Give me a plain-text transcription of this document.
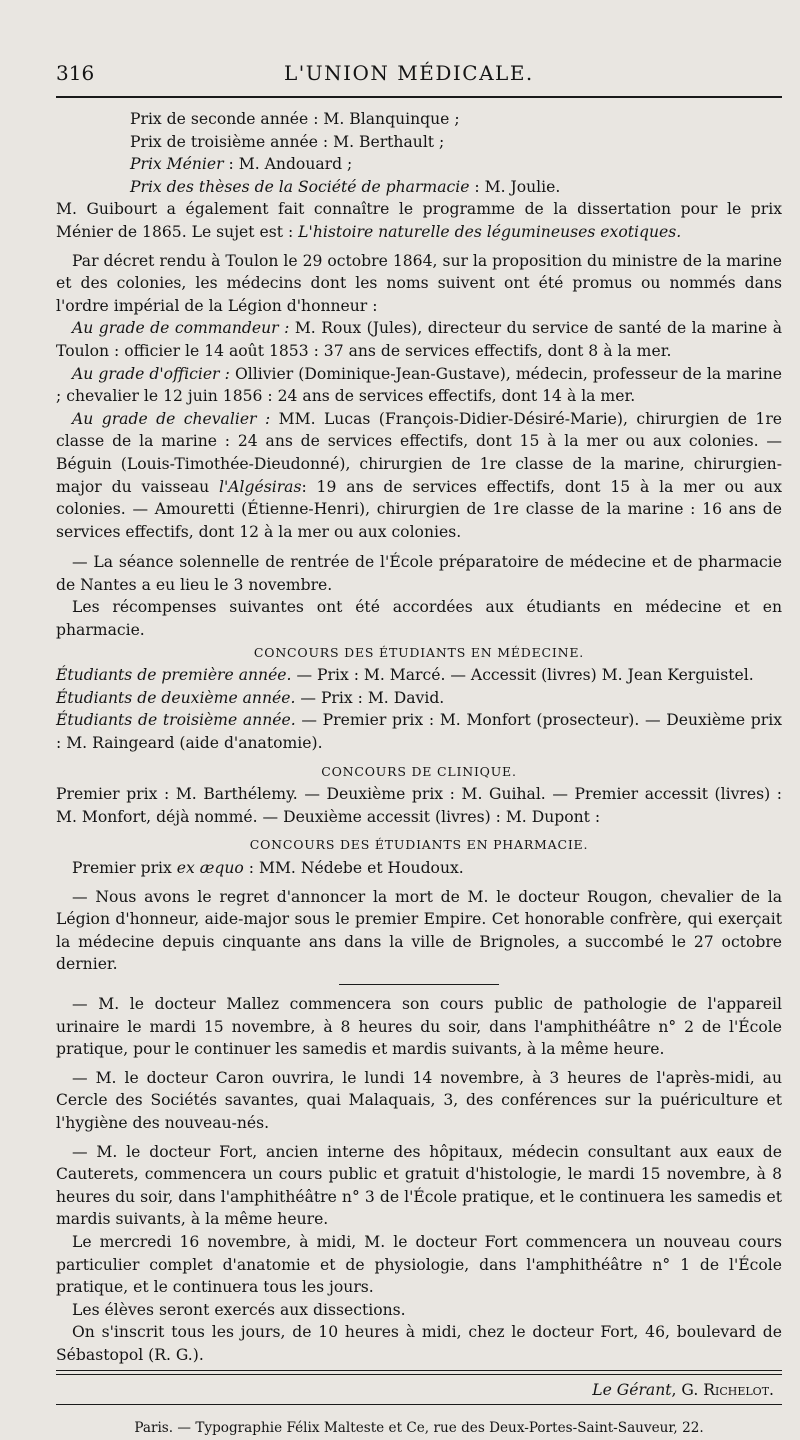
316	L'UNION MÉDICALE.

Prix de seconde année : M. Blanquinque ;

Prix de troisième année : M. Berthault ;

Prix Ménier : M. Andouard ;

Prix des thèses de la Société de pharmacie : M. Joulie.

M. Guibourt a également fait connaître le programme de la dissertation pour le prix Ménier de 1865. Le sujet est : L'histoire naturelle des légumineuses exotiques.

Par décret rendu à Toulon le 29 octobre 1864, sur la proposition du ministre de la marine et des colonies, les médecins dont les noms suivent ont été promus ou nommés dans l'ordre impérial de la Légion d'honneur :

Au grade de commandeur : M. Roux (Jules), directeur du service de santé de la marine à Toulon : officier le 14 août 1853 : 37 ans de services effectifs, dont 8 à la mer.

Au grade d'officier : Ollivier (Dominique-Jean-Gustave), médecin, professeur de la marine ; chevalier le 12 juin 1856 : 24 ans de services effectifs, dont 14 à la mer.

Au grade de chevalier : MM. Lucas (François-Didier-Désiré-Marie), chirurgien de 1re classe de la marine : 24 ans de services effectifs, dont 15 à la mer ou aux colonies. — Béguin (Louis-Timothée-Dieudonné), chirurgien de 1re classe de la marine, chirurgien-major du vaisseau l'Algésiras: 19 ans de services effectifs, dont 15 à la mer ou aux colonies. — Amouretti (Étienne-Henri), chirurgien de 1re classe de la marine : 16 ans de services effectifs, dont 12 à la mer ou aux colonies.

— La séance solennelle de rentrée de l'École préparatoire de médecine et de pharmacie de Nantes a eu lieu le 3 novembre.

Les récompenses suivantes ont été accordées aux étudiants en médecine et en pharmacie.

CONCOURS DES ÉTUDIANTS EN MÉDECINE.

Étudiants de première année. — Prix : M. Marcé. — Accessit (livres) M. Jean Kerguistel.

Étudiants de deuxième année. — Prix : M. David.

Étudiants de troisième année. — Premier prix : M. Monfort (prosecteur). — Deuxième prix : M. Raingeard (aide d'anatomie).

CONCOURS DE CLINIQUE.

Premier prix : M. Barthélemy. — Deuxième prix : M. Guihal. — Premier accessit (livres) : M. Monfort, déjà nommé. — Deuxième accessit (livres) : M. Dupont :

CONCOURS DES ÉTUDIANTS EN PHARMACIE.

Premier prix ex æquo : MM. Nédebe et Houdoux.

— Nous avons le regret d'annoncer la mort de M. le docteur Rougon, chevalier de la Légion d'honneur, aide-major sous le premier Empire. Cet honorable confrère, qui exerçait la médecine depuis cinquante ans dans la ville de Brignoles, a succombé le 27 octobre dernier.

— M. le docteur Mallez commencera son cours public de pathologie de l'appareil urinaire le mardi 15 novembre, à 8 heures du soir, dans l'amphithéâtre n° 2 de l'École pratique, pour le continuer les samedis et mardis suivants, à la même heure.

— M. le docteur Caron ouvrira, le lundi 14 novembre, à 3 heures de l'après-midi, au Cercle des Sociétés savantes, quai Malaquais, 3, des conférences sur la puériculture et l'hygiène des nouveau-nés.

— M. le docteur Fort, ancien interne des hôpitaux, médecin consultant aux eaux de Cauterets, commencera un cours public et gratuit d'histologie, le mardi 15 novembre, à 8 heures du soir, dans l'amphithéâtre n° 3 de l'École pratique, et le continuera les samedis et mardis suivants, à la même heure.

Le mercredi 16 novembre, à midi, M. le docteur Fort commencera un nouveau cours particulier complet d'anatomie et de physiologie, dans l'amphithéâtre n° 1 de l'École pratique, et le continuera tous les jours.

Les élèves seront exercés aux dissections.

On s'inscrit tous les jours, de 10 heures à midi, chez le docteur Fort, 46, boulevard de Sébastopol (R. G.).

Le Gérant, G. Richelot.

Paris. — Typographie Félix Malteste et Ce, rue des Deux-Portes-Saint-Sauveur, 22.
